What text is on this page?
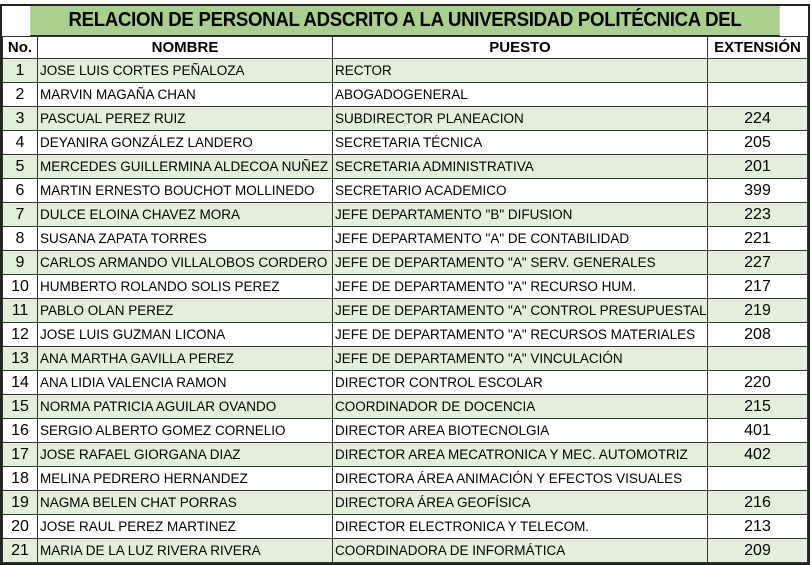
RELACION DE PERSONAL ADSCRITO A LA UNIVERSIDAD POLITÉCNICA DEL
No.	NOMBRE	PUESTO	EXTENSIÓN
1	JOSE LUIS CORTES PEÑALOZA	RECTOR	
2	MARVIN MAGAÑA CHAN	ABOGADOGENERAL	
3	PASCUAL PEREZ RUIZ	SUBDIRECTOR PLANEACION	224
4	DEYANIRA GONZÁLEZ LANDERO	SECRETARIA TÉCNICA	205
5	MERCEDES GUILLERMINA ALDECOA NUÑEZ	SECRETARIA ADMINISTRATIVA	201
6	MARTIN ERNESTO BOUCHOT MOLLINEDO	SECRETARIO ACADEMICO	399
7	DULCE ELOINA CHAVEZ MORA	JEFE DEPARTAMENTO "B" DIFUSION	223
8	SUSANA ZAPATA TORRES	JEFE DEPARTAMENTO "A" DE CONTABILIDAD	221
9	CARLOS ARMANDO VILLALOBOS CORDERO	JEFE DE DEPARTAMENTO "A" SERV. GENERALES	227
10	HUMBERTO ROLANDO SOLIS PEREZ	JEFE DE DEPARTAMENTO "A" RECURSO HUM.	217
11	PABLO OLAN PEREZ	JEFE DE DEPARTAMENTO "A" CONTROL PRESUPUESTAL	219
12	JOSE LUIS GUZMAN LICONA	JEFE DE DEPARTAMENTO "A" RECURSOS MATERIALES	208
13	ANA MARTHA GAVILLA PEREZ	JEFE DE DEPARTAMENTO "A" VINCULACIÓN	
14	ANA LIDIA VALENCIA RAMON	DIRECTOR CONTROL ESCOLAR	220
15	NORMA PATRICIA AGUILAR OVANDO	COORDINADOR DE DOCENCIA	215
16	SERGIO ALBERTO GOMEZ CORNELIO	DIRECTOR AREA BIOTECNOLGIA	401
17	JOSE RAFAEL GIORGANA DIAZ	DIRECTOR AREA MECATRONICA Y MEC. AUTOMOTRIZ	402
18	MELINA PEDRERO HERNANDEZ	DIRECTORA ÁREA ANIMACIÓN Y EFECTOS VISUALES	
19	NAGMA BELEN CHAT PORRAS	DIRECTORA ÁREA GEOFÍSICA	216
20	JOSE RAUL PEREZ MARTINEZ	DIRECTOR ELECTRONICA Y TELECOM.	213
21	MARIA DE LA LUZ RIVERA RIVERA	COORDINADORA DE INFORMÁTICA	209
